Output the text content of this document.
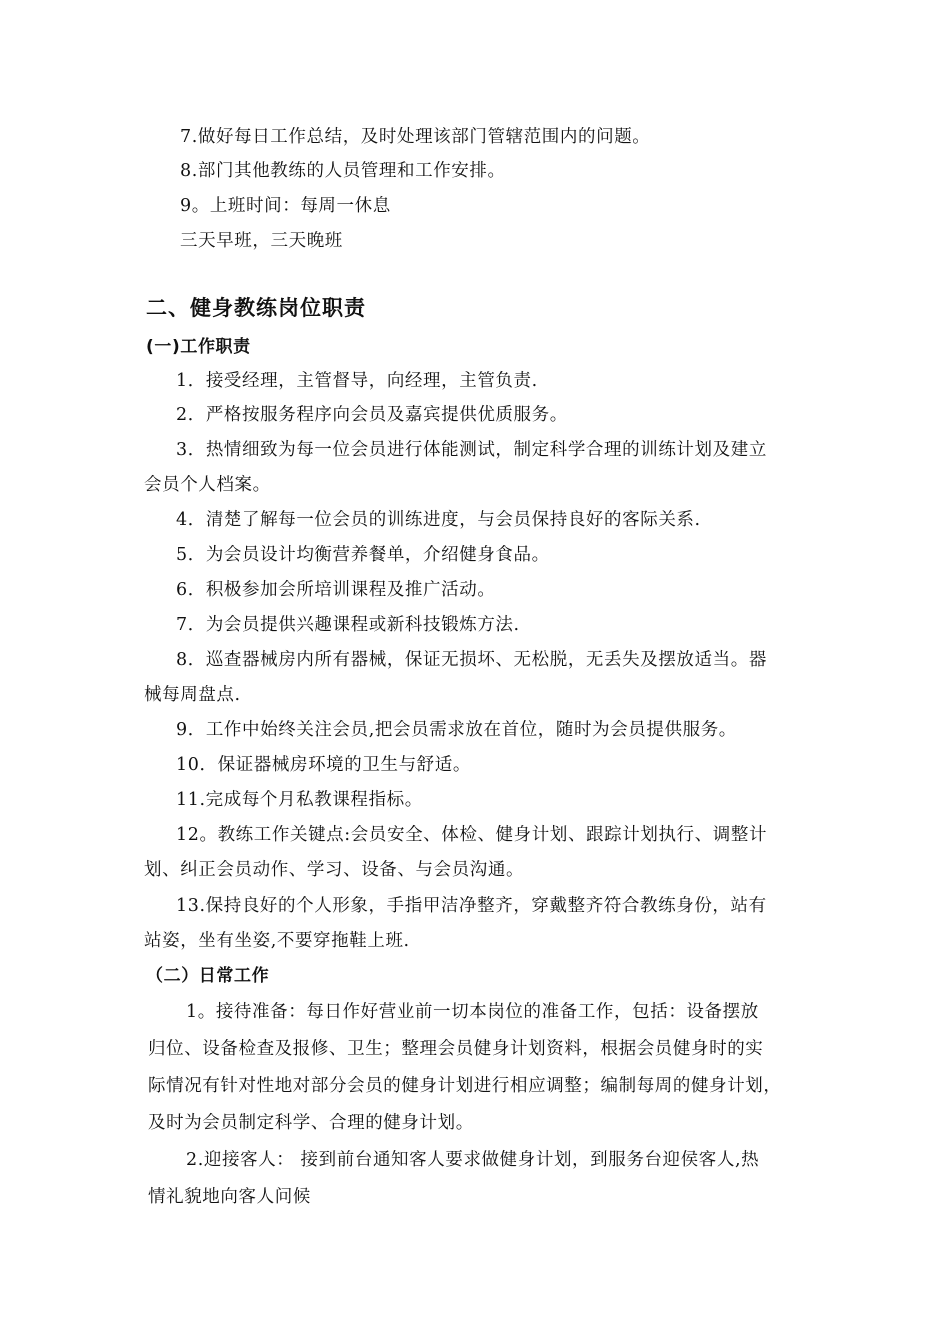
7.做好每日工作总结，及时处理该部门管辖范围内的问题。
8.部门其他教练的人员管理和工作安排。
9。上班时间：每周一休息
三天早班，三天晚班
二、健身教练岗位职责
(一)工作职责
1．接受经理，主管督导，向经理，主管负责.
2．严格按服务程序向会员及嘉宾提供优质服务。
3．热情细致为每一位会员进行体能测试，制定科学合理的训练计划及建立
会员个人档案。
4．清楚了解每一位会员的训练进度，与会员保持良好的客际关系.
5．为会员设计均衡营养餐单，介绍健身食品。
6．积极参加会所培训课程及推广活动。
7．为会员提供兴趣课程或新科技锻炼方法.
8．巡查器械房内所有器械，保证无损坏、无松脱，无丢失及摆放适当。器
械每周盘点.
9．工作中始终关注会员,把会员需求放在首位，随时为会员提供服务。
10．保证器械房环境的卫生与舒适。
11.完成每个月私教课程指标。
12。教练工作关键点:会员安全、体检、健身计划、跟踪计划执行、调整计
划、纠正会员动作、学习、设备、与会员沟通。
13.保持良好的个人形象，手指甲洁净整齐，穿戴整齐符合教练身份，站有
站姿，坐有坐姿,不要穿拖鞋上班.
（二）日常工作
1。接待准备：每日作好营业前一切本岗位的准备工作，包括：设备摆放
归位、设备检查及报修、卫生；整理会员健身计划资料，根据会员健身时的实
际情况有针对性地对部分会员的健身计划进行相应调整；编制每周的健身计划，
及时为会员制定科学、合理的健身计划。
2.迎接客人： 接到前台通知客人要求做健身计划，到服务台迎侯客人,热
情礼貌地向客人问候
